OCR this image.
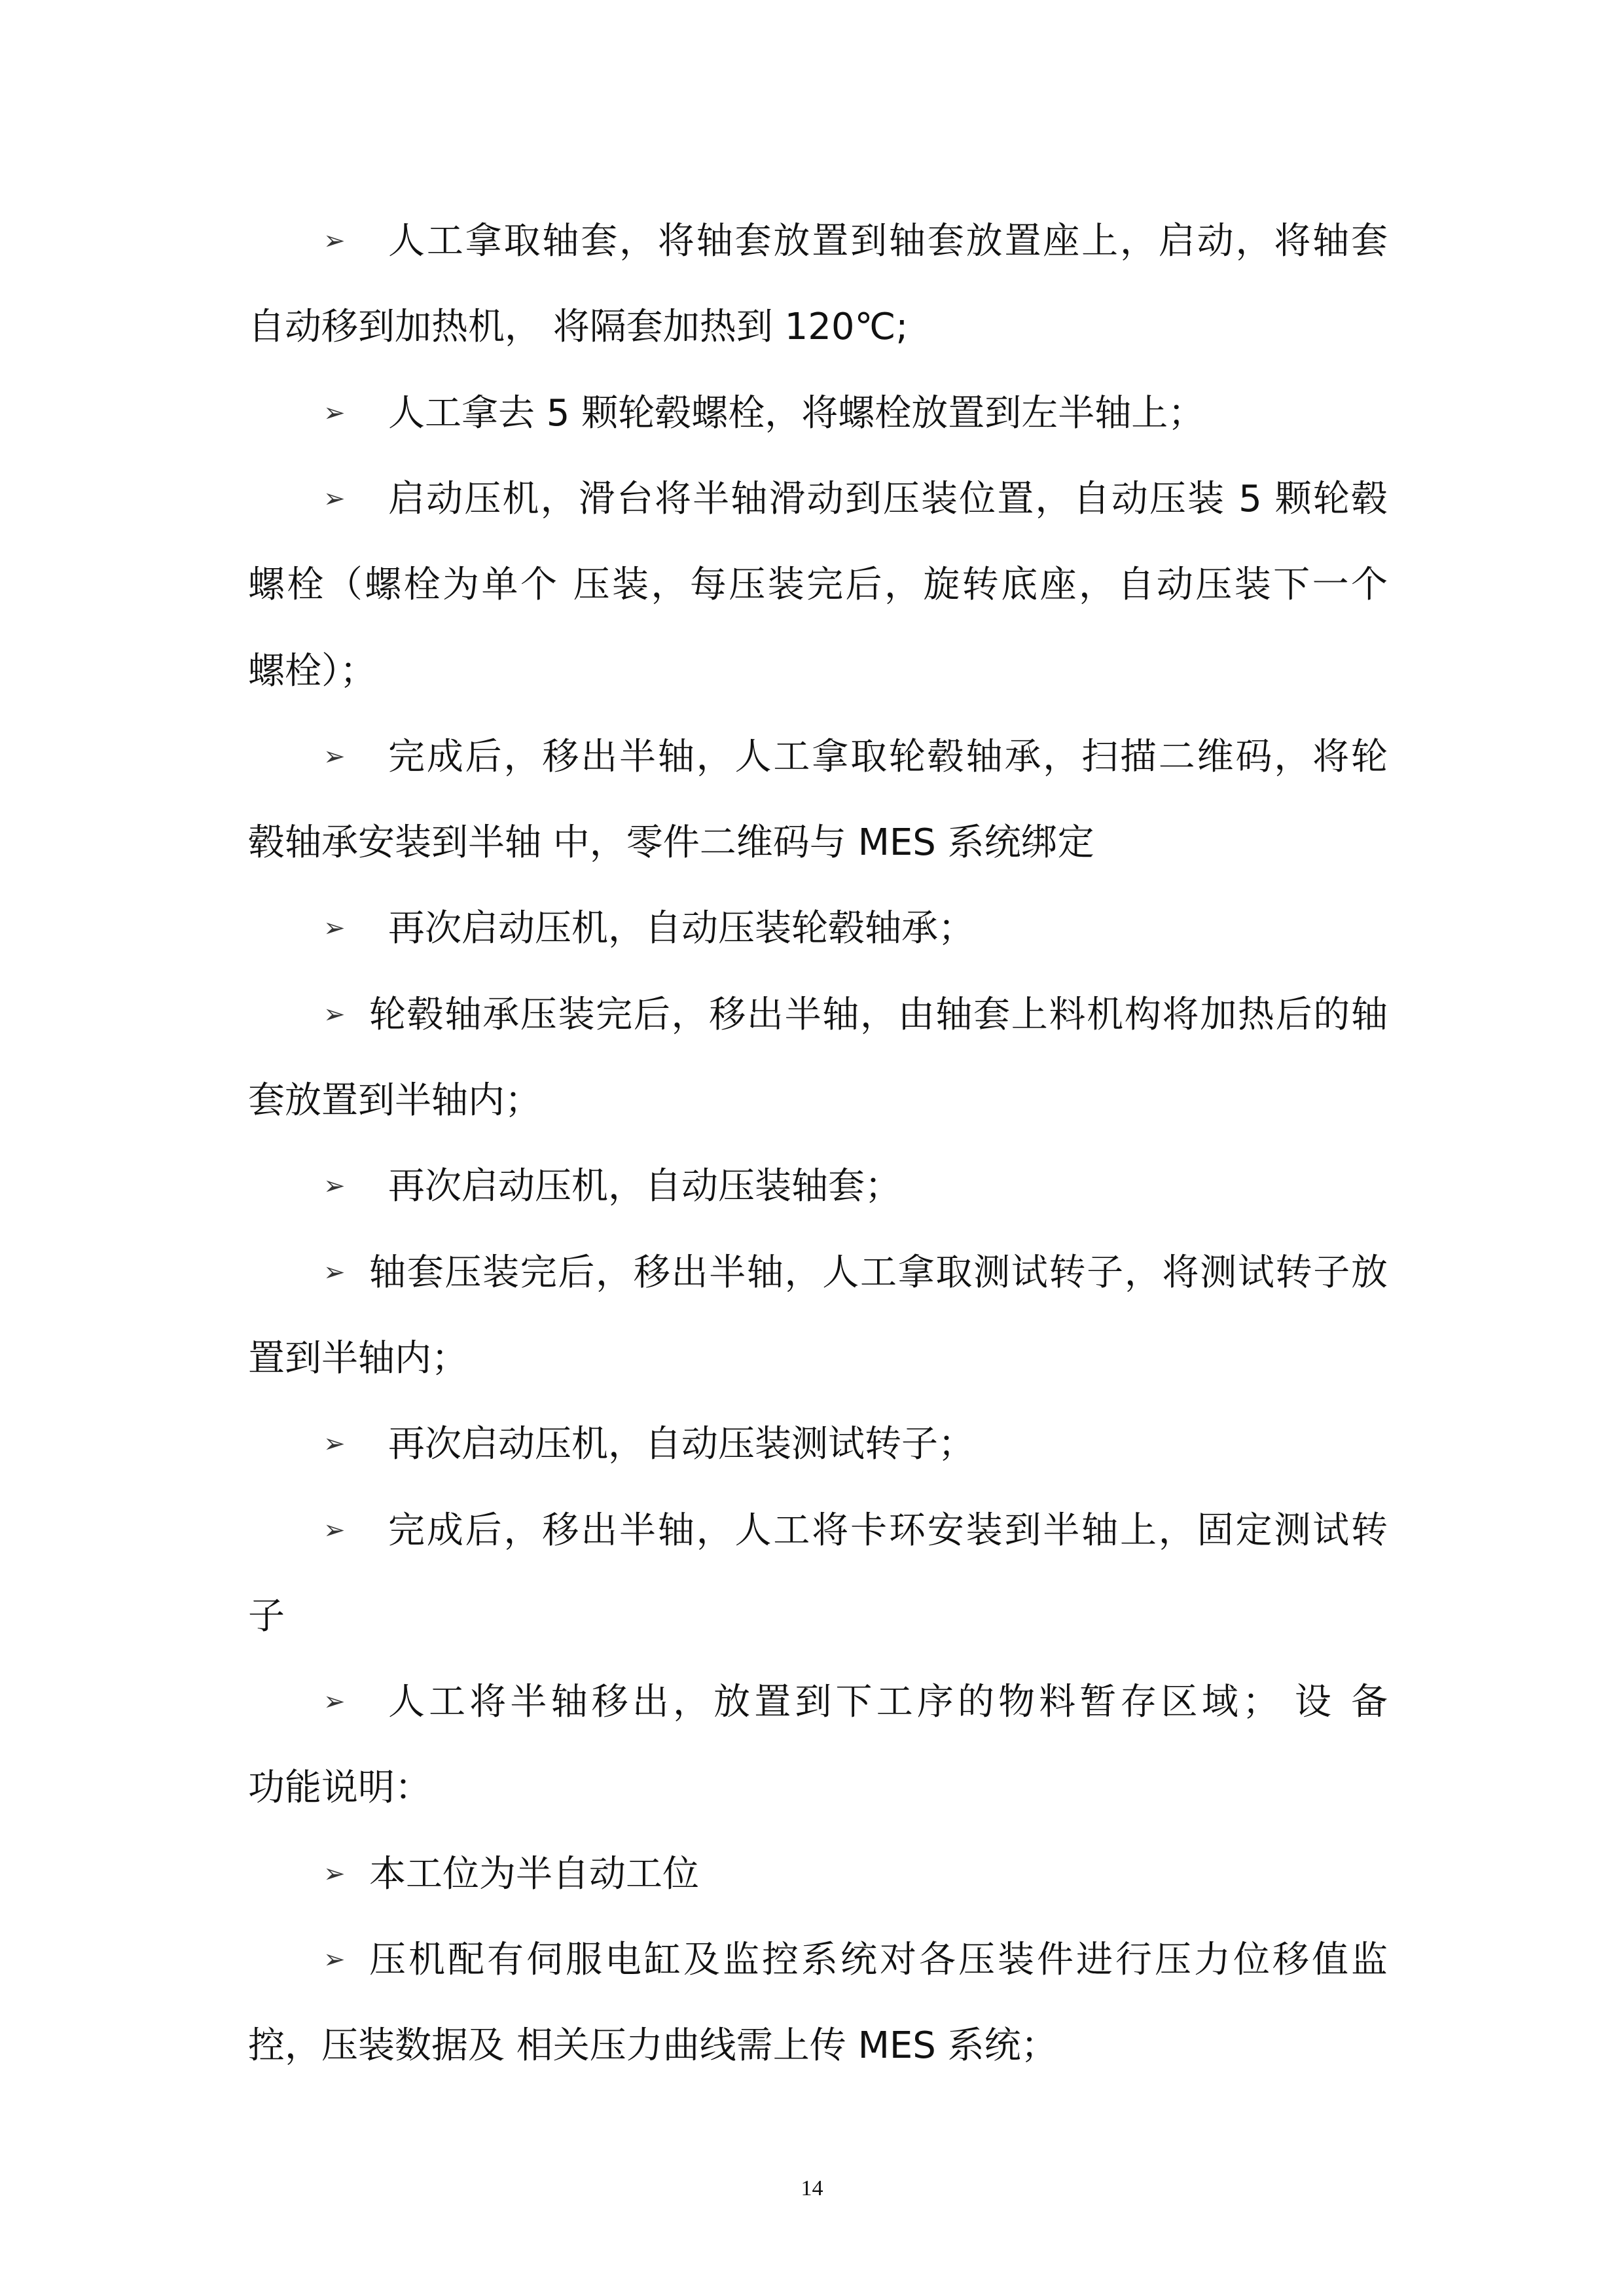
➢ 人工拿取轴套，将轴套放置到轴套放置座上，启动，将轴套
自动移到加热机， 将隔套加热到 120℃;
➢ 人工拿去 5 颗轮毂螺栓，将螺栓放置到左半轴上；
➢ 启动压机，滑台将半轴滑动到压装位置，自动压装 5 颗轮毂
螺栓（螺栓为单个 压装，每压装完后，旋转底座，自动压装下一个
螺栓）；
➢ 完成后，移出半轴，人工拿取轮毂轴承，扫描二维码，将轮
毂轴承安装到半轴 中，零件二维码与 MES 系统绑定
➢ 再次启动压机，自动压装轮毂轴承；
➢ 轮毂轴承压装完后，移出半轴，由轴套上料机构将加热后的轴
套放置到半轴内；
➢ 再次启动压机，自动压装轴套；
➢ 轴套压装完后，移出半轴，人工拿取测试转子，将测试转子放
置到半轴内；
➢ 再次启动压机，自动压装测试转子；
➢ 完成后，移出半轴，人工将卡环安装到半轴上，固定测试转
子
➢ 人工将半轴移出，放置到下工序的物料暂存区域； 设 备
功能说明：
➢ 本工位为半自动工位
➢ 压机配有伺服电缸及监控系统对各压装件进行压力位移值监
控，压装数据及 相关压力曲线需上传 MES 系统；
14
